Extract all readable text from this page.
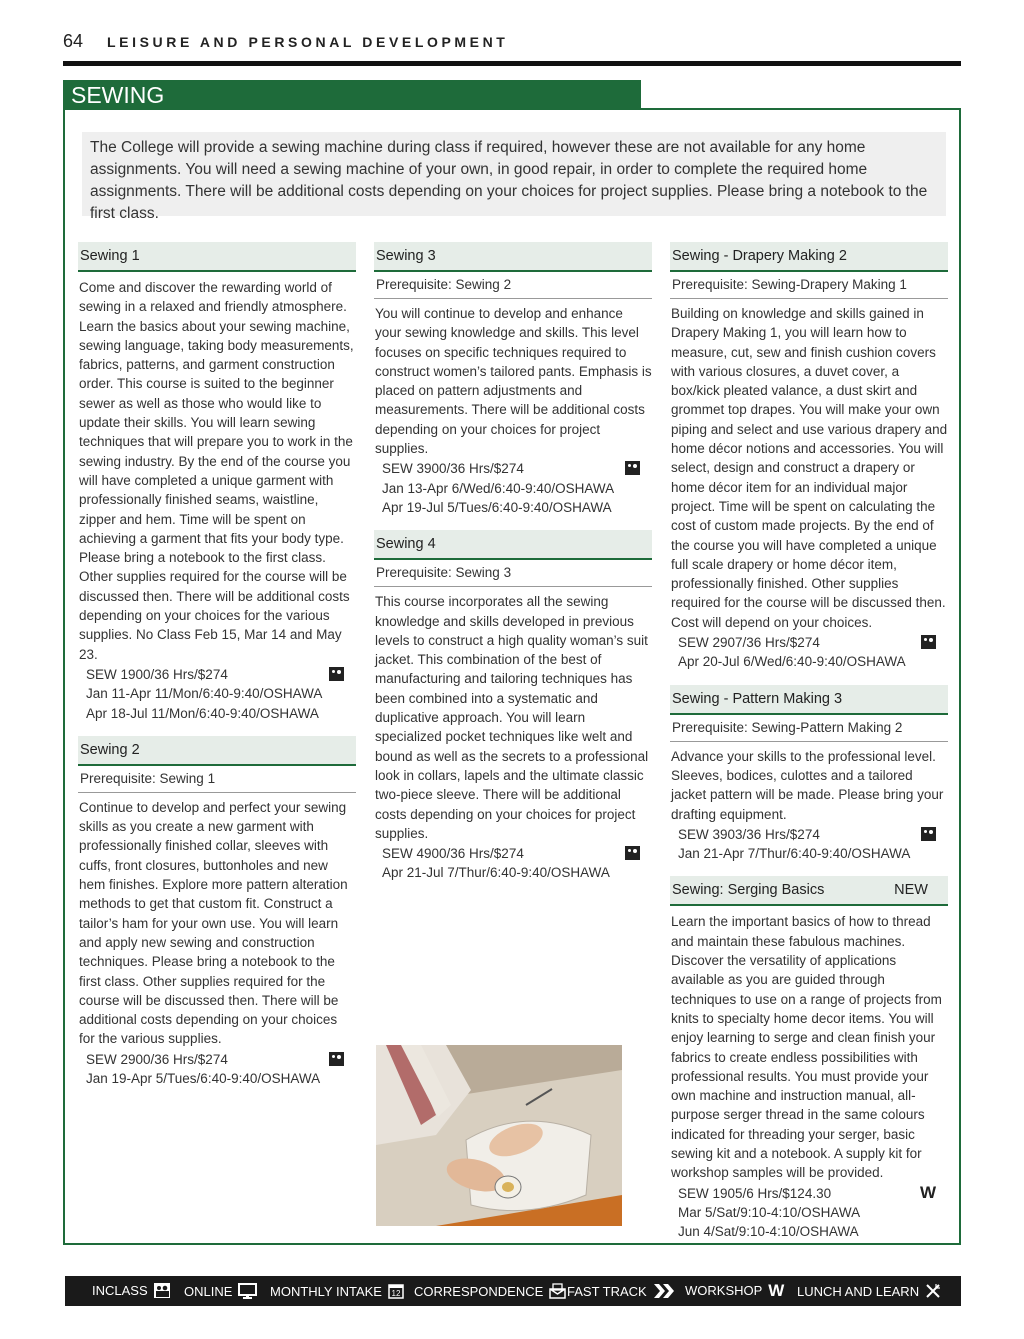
64 LEISURE AND PERSONAL DEVELOPMENT
SEWING
The College will provide a sewing machine during class if required, however these are not available for any home assignments. You will need a sewing machine of your own, in good repair, in order to complete the required home assignments. There will be additional costs depending on your choices for project supplies. Please bring a notebook to the first class.
Sewing 1
Come and discover the rewarding world of sewing in a relaxed and friendly atmosphere. Learn the basics about your sewing machine, sewing language, taking body measurements, fabrics, patterns, and garment construction order. This course is suited to the beginner sewer as well as those who would like to update their skills. You will learn sewing techniques that will prepare you to work in the sewing industry. By the end of the course you will have completed a unique garment with professionally finished seams, waistline, zipper and hem. Time will be spent on achieving a garment that fits your body type. Please bring a notebook to the first class. Other supplies required for the course will be discussed then. There will be additional costs depending on your choices for the various supplies. No Class Feb 15, Mar 14 and May 23.
SEW 1900/36 Hrs/$274
Jan 11-Apr 11/Mon/6:40-9:40/OSHAWA
Apr 18-Jul 11/Mon/6:40-9:40/OSHAWA
Sewing 2
Prerequisite: Sewing 1
Continue to develop and perfect your sewing skills as you create a new garment with professionally finished collar, sleeves with cuffs, front closures, buttonholes and new hem finishes. Explore more pattern alteration methods to get that custom fit. Construct a tailor’s ham for your own use. You will learn and apply new sewing and construction techniques. Please bring a notebook to the first class. Other supplies required for the course will be discussed then. There will be additional costs depending on your choices for the various supplies.
SEW 2900/36 Hrs/$274
Jan 19-Apr 5/Tues/6:40-9:40/OSHAWA
Sewing 3
Prerequisite: Sewing 2
You will continue to develop and enhance your sewing knowledge and skills. This level focuses on specific techniques required to construct women’s tailored pants. Emphasis is placed on pattern adjustments and measurements. There will be additional costs depending on your choices for project supplies.
SEW 3900/36 Hrs/$274
Jan 13-Apr 6/Wed/6:40-9:40/OSHAWA
Apr 19-Jul 5/Tues/6:40-9:40/OSHAWA
Sewing 4
Prerequisite: Sewing 3
This course incorporates all the sewing knowledge and skills developed in previous levels to construct a high quality woman’s suit jacket. This combination of the best of manufacturing and tailoring techniques has been combined into a systematic and duplicative approach. You will learn specialized pocket techniques like welt and bound as well as the secrets to a professional look in collars, lapels and the ultimate classic two-piece sleeve. There will be additional costs depending on your choices for project supplies.
SEW 4900/36 Hrs/$274
Apr 21-Jul 7/Thur/6:40-9:40/OSHAWA
Sewing - Drapery Making 2
Prerequisite: Sewing-Drapery Making 1
Building on knowledge and skills gained in Drapery Making 1, you will learn how to measure, cut, sew and finish cushion covers with various closures, a duvet cover, a box/kick pleated valance, a dust skirt and grommet top drapes. You will make your own piping and select and use various drapery and home décor notions and accessories. You will select, design and construct a drapery or home décor item for an individual major project. Time will be spent on calculating the cost of custom made projects. By the end of the course you will have completed a unique full scale drapery or home décor item, professionally finished. Other supplies required for the course will be discussed then. Cost will depend on your choices.
SEW 2907/36 Hrs/$274
Apr 20-Jul 6/Wed/6:40-9:40/OSHAWA
Sewing - Pattern Making 3
Prerequisite: Sewing-Pattern Making 2
Advance your skills to the professional level. Sleeves, bodices, culottes and a tailored jacket pattern will be made. Please bring your drafting equipment.
SEW 3903/36 Hrs/$274
Jan 21-Apr 7/Thur/6:40-9:40/OSHAWA
Sewing: Serging Basics	NEW
Learn the important basics of how to thread and maintain these fabulous machines. Discover the versatility of applications available as you are guided through techniques to use on a range of projects from knits to specialty home decor items. You will enjoy learning to serge and clean finish your fabrics to create endless possibilities with professional results. You must provide your own machine and instruction manual, all-purpose serger thread in the same colours indicated for threading your serger, basic sewing kit and a notebook. A supply kit for workshop samples will be provided.
SEW 1905/6 Hrs/$124.30	W
Mar 5/Sat/9:10-4:10/OSHAWA
Jun 4/Sat/9:10-4:10/OSHAWA
INCLASS	ONLINE	MONTHLY INTAKE 12 CORRESPONDENCE FAST TRACK	WORKSHOP W LUNCH AND LEARN
